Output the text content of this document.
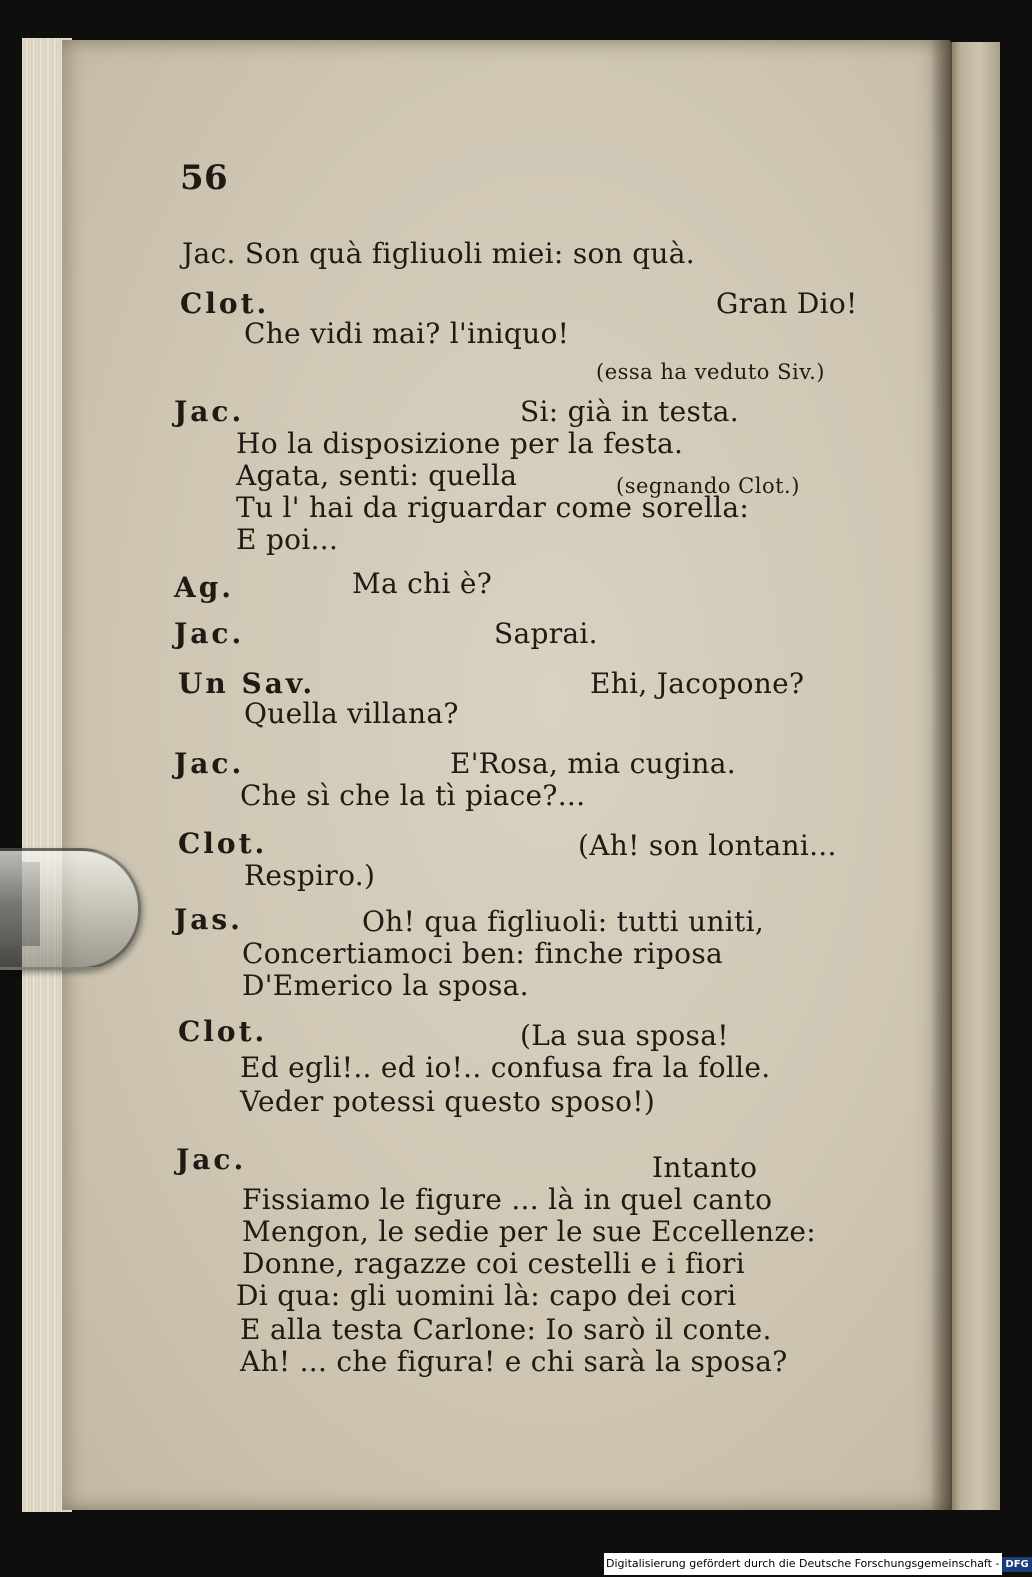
56
Jac. Son quà figliuoli miei: son quà.
Clot.	Gran Dio!
Che vidi mai? l'iniquo!
(essa ha veduto Siv.)
Jac.	Si: già in testa.
Ho la disposizione per la festa.
Agata, senti: quella	(segnando Clot.)
Tu l' hai da riguardar come sorella:
E poi...
Ag.	Ma chi è?
Jac.	Saprai.
Un Sav.	Ehi, Jacopone?
Quella villana?
Jac.	E'Rosa, mia cugina.
Che sì che la tì piace?...
Clot.	(Ah! son lontani...
Respiro.)
Jas.	Oh! qua figliuoli: tutti uniti,
Concertiamoci ben: finche riposa
D'Emerico la sposa.
Clot.	(La sua sposa!
Ed egli!.. ed io!.. confusa fra la folle.
Veder potessi questo sposo!)
Jac.	Intanto
Fissiamo le figure ... là in quel canto
Mengon, le sedie per le sue Eccellenze:
Donne, ragazze coi cestelli e i fiori
Di qua: gli uomini là: capo dei cori
E alla testa Carlone: Io sarò il conte.
Ah! ... che figura! e chi sarà la sposa?
Digitalisierung gefördert durch die Deutsche Forschungsgemeinschaft - DFG
